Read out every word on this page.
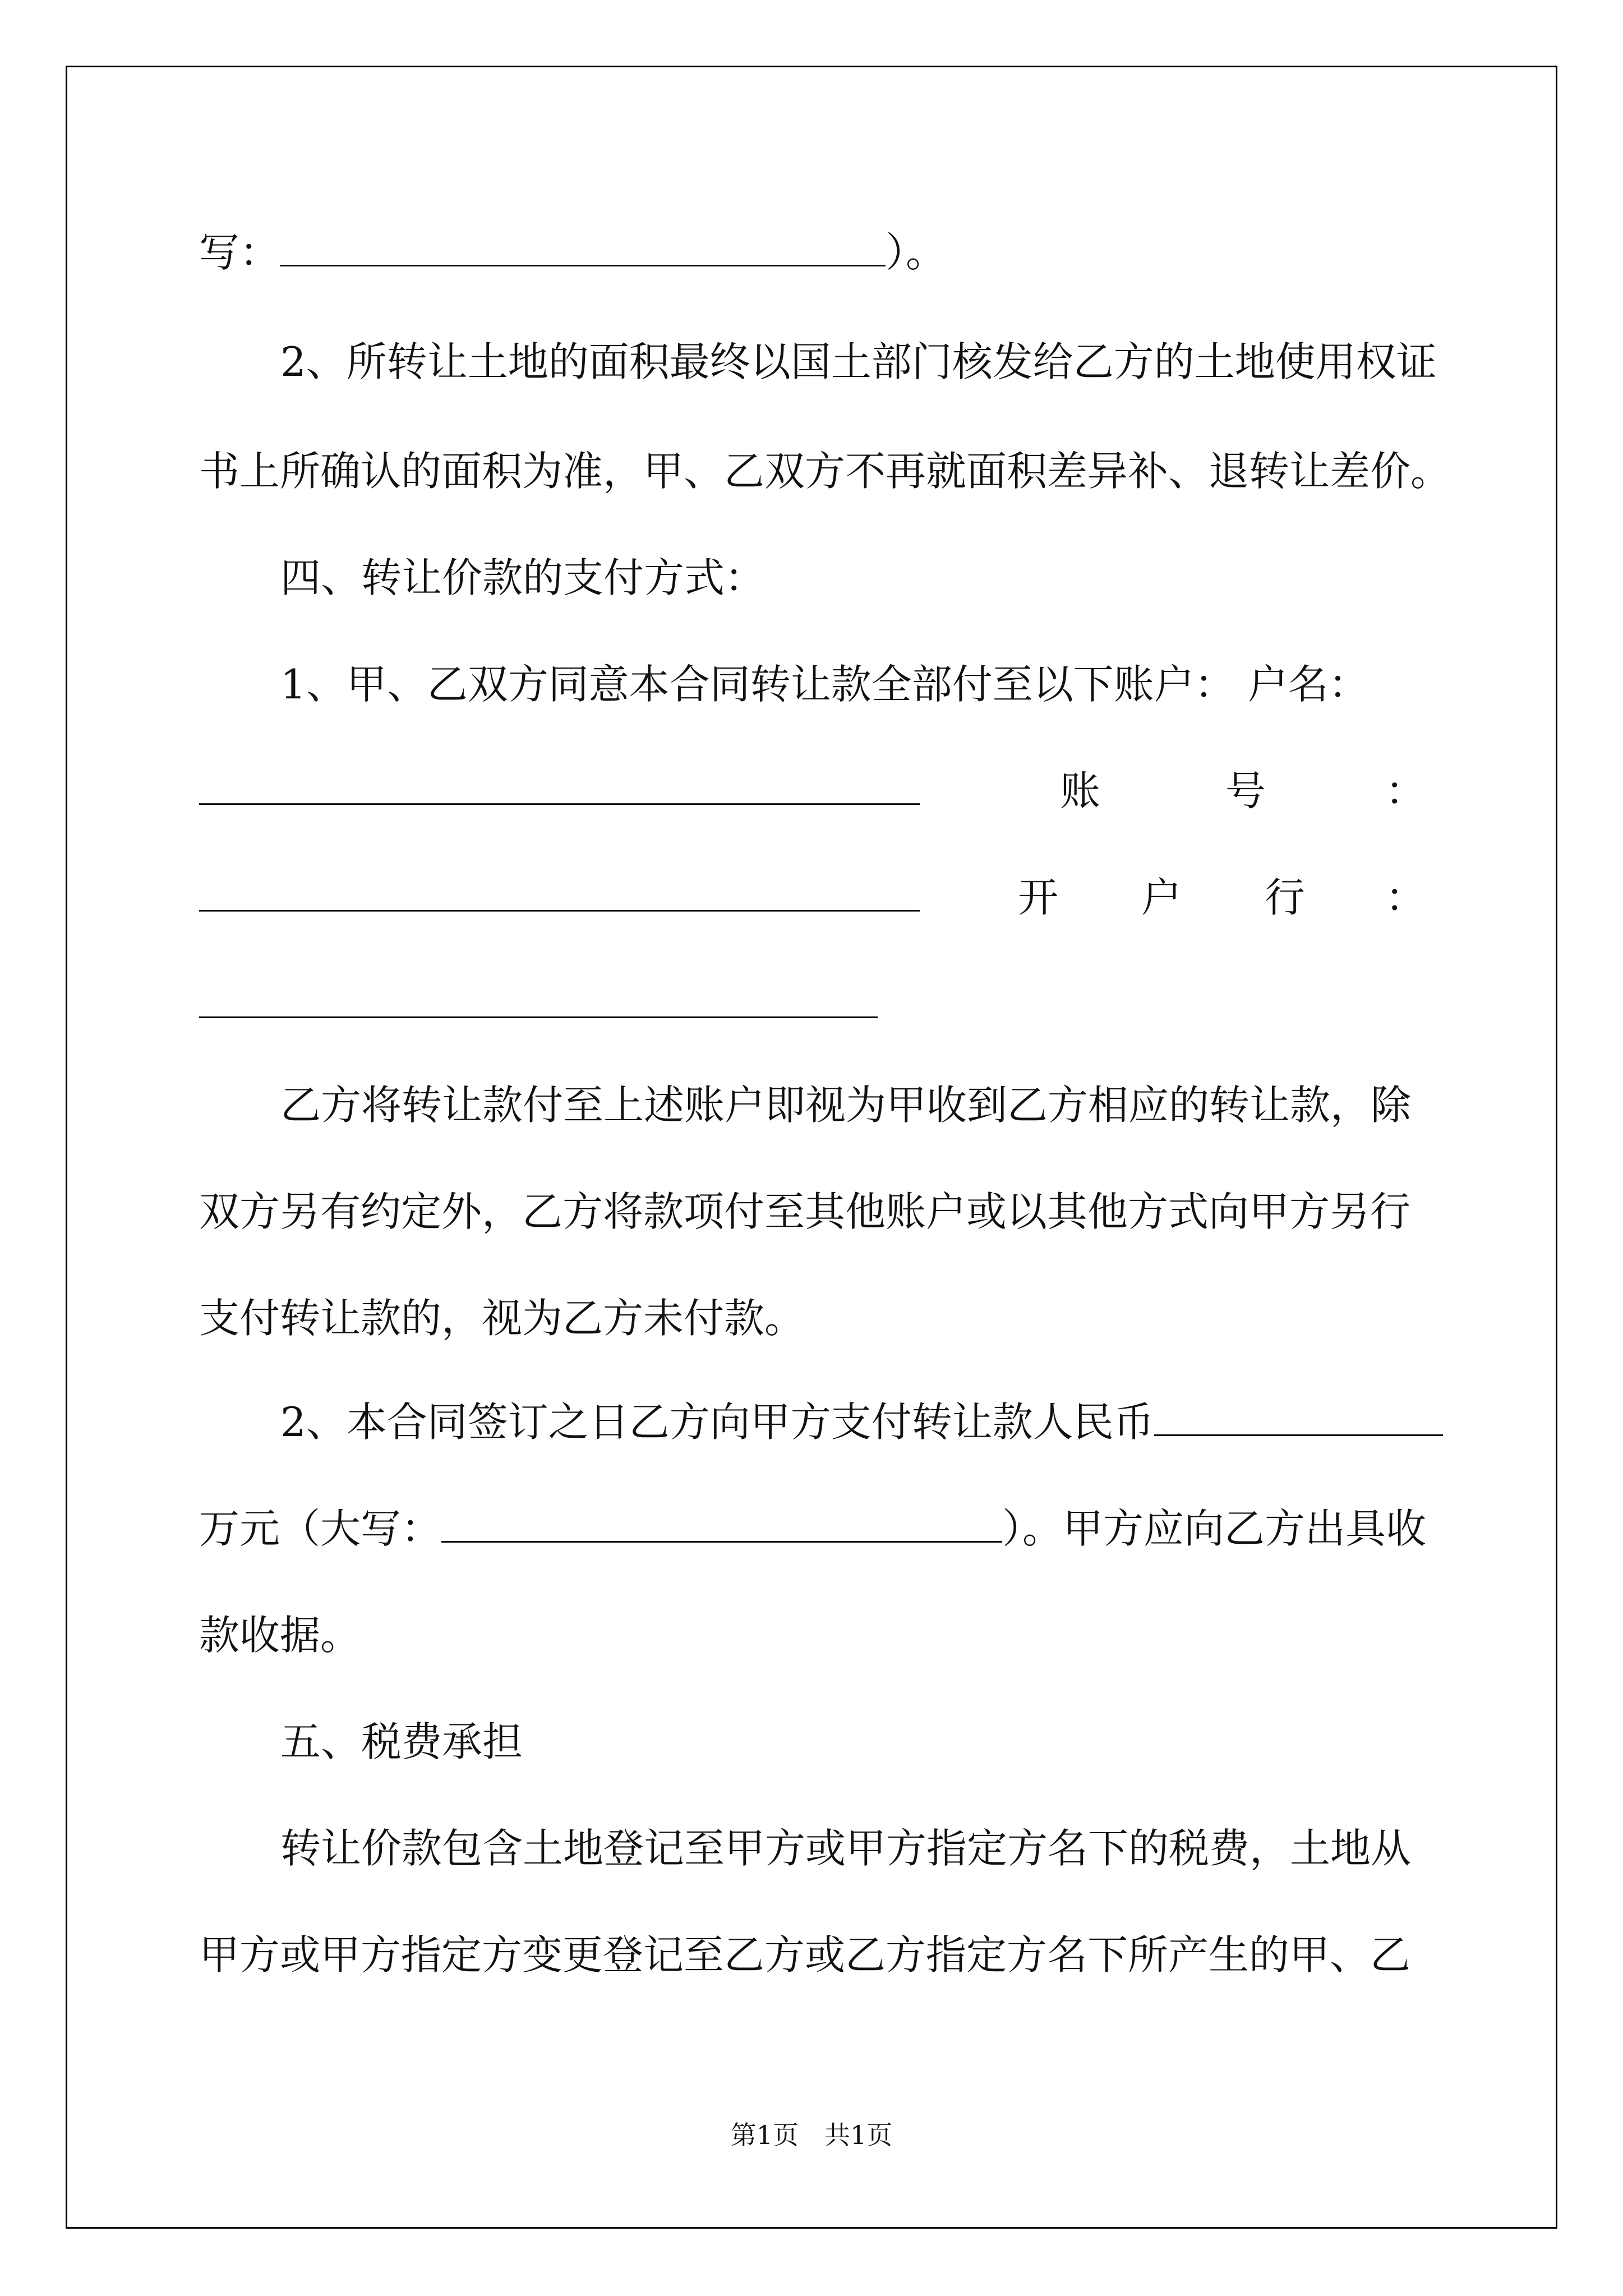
写：	）。
2、所转让土地的面积最终以国土部门核发给乙方的土地使用权证
书上所确认的面积为准，甲、乙双方不再就面积差异补、退转让差价。
四、转让价款的支付方式：
1、甲、乙双方同意本合同转让款全部付至以下账户： 户名：
账	号	：
开 户 行 ：
乙方将转让款付至上述账户即视为甲收到乙方相应的转让款，除
双方另有约定外，乙方将款项付至其他账户或以其他方式向甲方另行
支付转让款的，视为乙方未付款。
2、本合同签订之日乙方向甲方支付转让款人民币
万元（大写：	）。甲方应向乙方出具收
款收据。
五、税费承担
转让价款包含土地登记至甲方或甲方指定方名下的税费，土地从
甲方或甲方指定方变更登记至乙方或乙方指定方名下所产生的甲、乙
第1页　共1页
